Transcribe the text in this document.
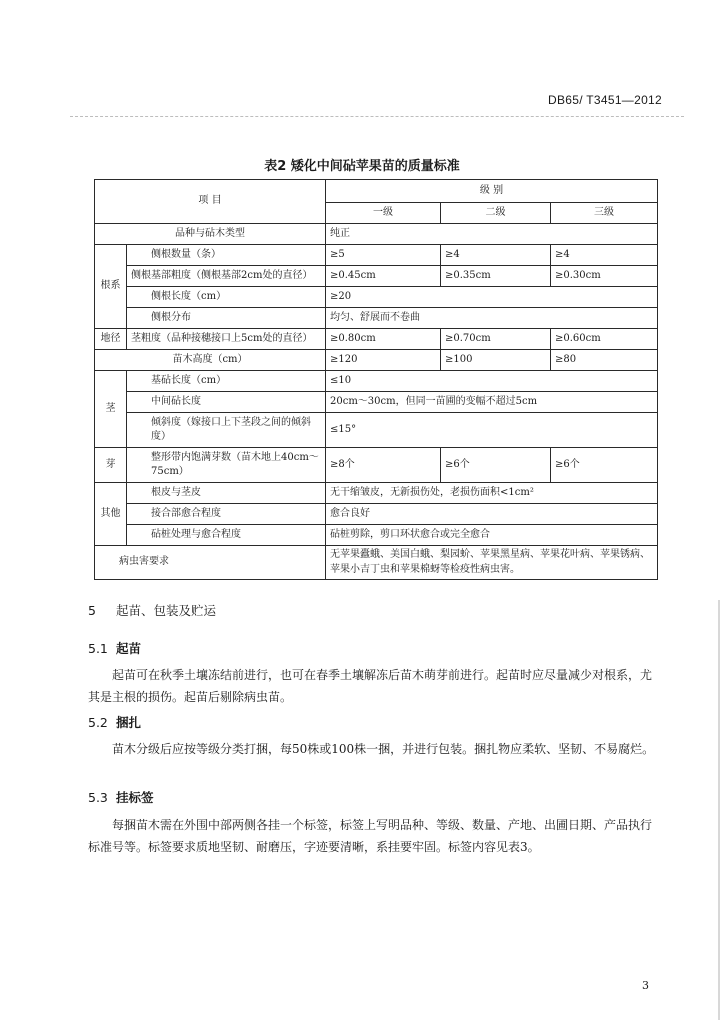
DB65/ T3451—2012
表2 矮化中间砧苹果苗的质量标准
项 目		级 别		
		一级	二级	三级
品种与砧木类型		纯正		
根系	侧根数量（条）	≥5	≥4	≥4
	侧根基部粗度（侧根基部2cm处的直径）	≥0.45cm	≥0.35cm	≥0.30cm
	侧根长度（cm）	≥20		
	侧根分布	均匀、舒展而不卷曲		
地径	茎粗度（品种接穗接口上5cm处的直径）	≥0.80cm	≥0.70cm	≥0.60cm
苗木高度（cm）		≥120	≥100	≥80
茎	基砧长度（cm）	≤10		
	中间砧长度	20cm～30cm，但同一苗圃的变幅不超过5cm		
	倾斜度（嫁接口上下茎段之间的倾斜度）	≤15°		
芽	整形带内饱满芽数（苗木地上40cm～75cm）	≥8个	≥6个	≥6个
其他	根皮与茎皮	无干缩皱皮，无新损伤处，老损伤面积<1cm²		
	接合部愈合程度	愈合良好		
	砧桩处理与愈合程度	砧桩剪除，剪口环状愈合或完全愈合		
病虫害要求		无苹果蠹蛾、美国白蛾、梨园蚧、苹果黑星病、苹果花叶病、苹果锈病、苹果小吉丁虫和苹果棉蚜等检疫性病虫害。		
5 起苗、包装及贮运
5.1 起苗
起苗可在秋季土壤冻结前进行，也可在春季土壤解冻后苗木萌芽前进行。起苗时应尽量减少对根系，尤其是主根的损伤。起苗后剔除病虫苗。
5.2 捆扎
苗木分级后应按等级分类打捆，每50株或100株一捆，并进行包装。捆扎物应柔软、坚韧、不易腐烂。
5.3 挂标签
每捆苗木需在外围中部两侧各挂一个标签，标签上写明品种、等级、数量、产地、出圃日期、产品执行标准号等。标签要求质地坚韧、耐磨压，字迹要清晰，系挂要牢固。标签内容见表3。
3
